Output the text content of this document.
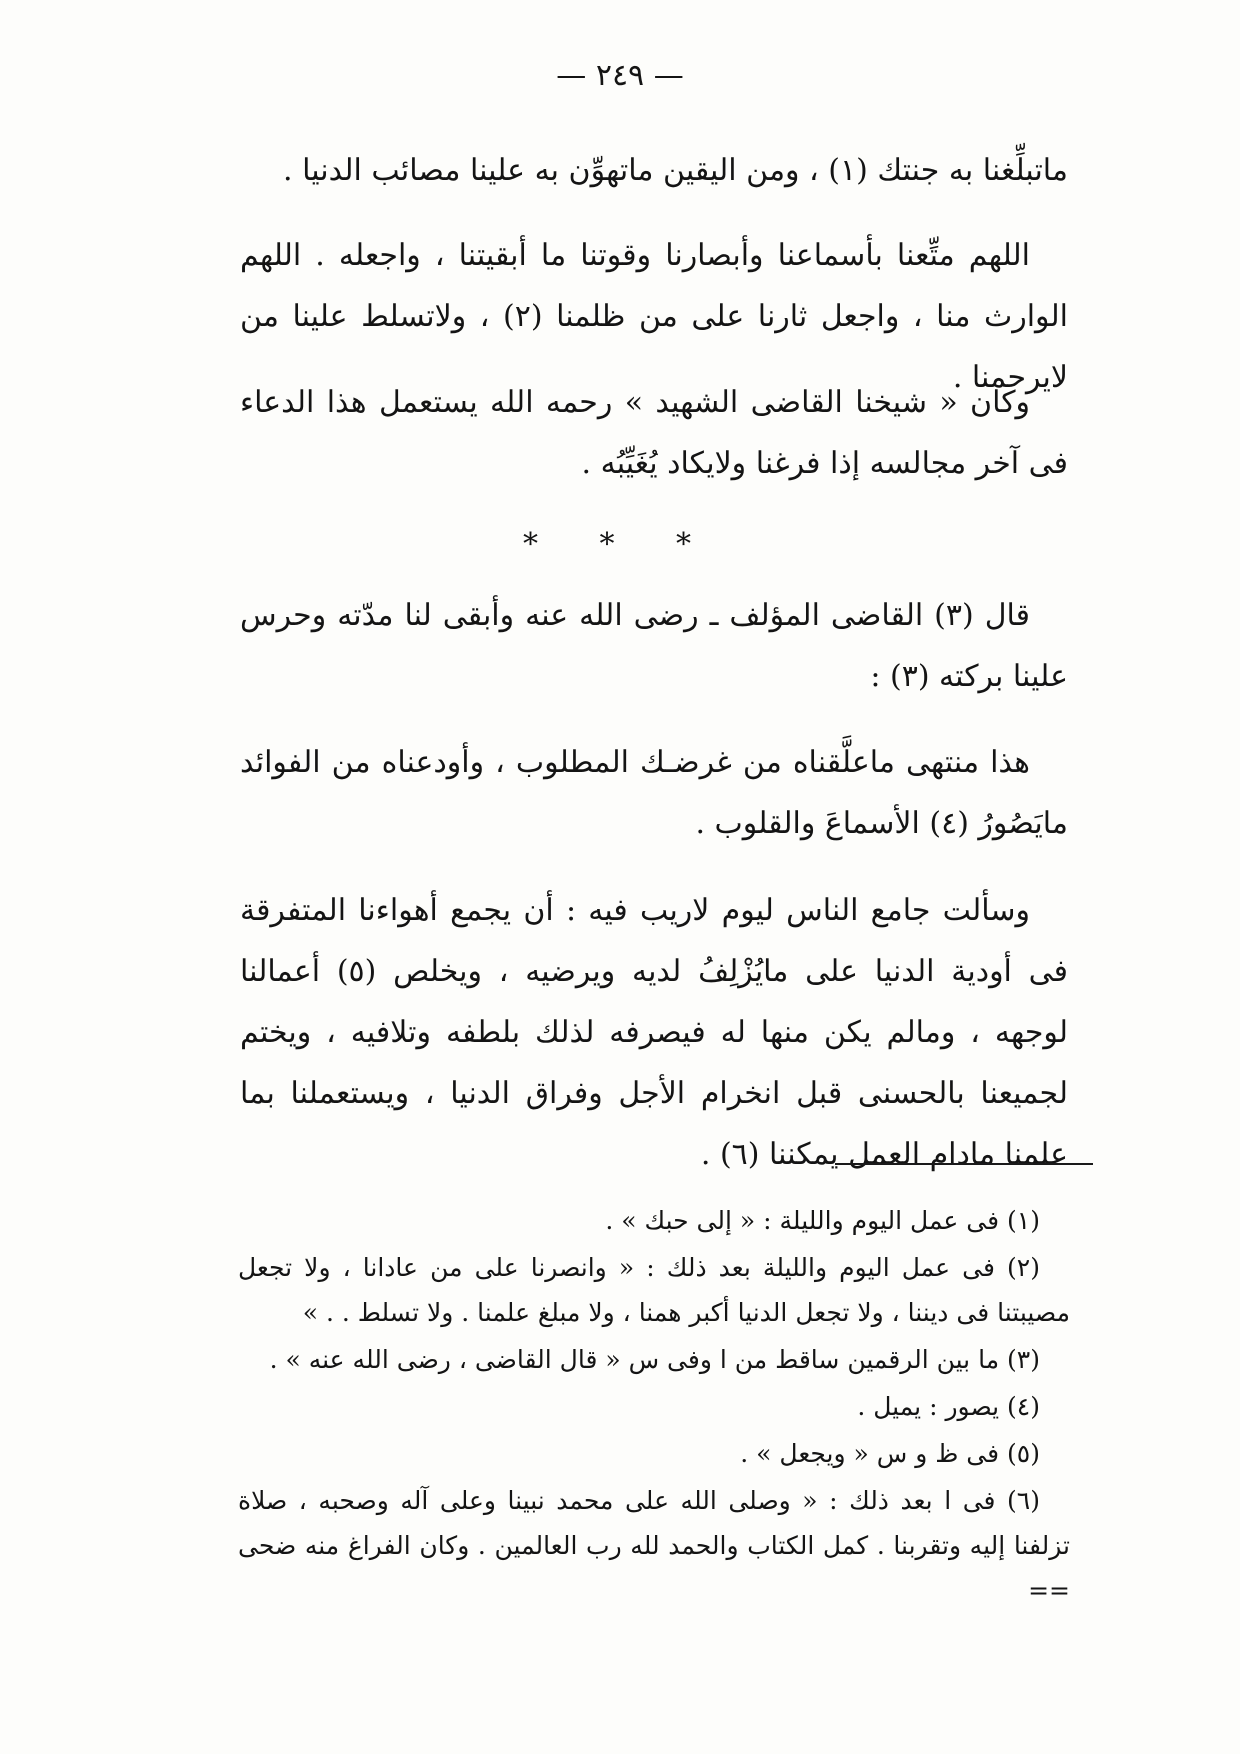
— ٢٤٩ —

ماتبلِّغنا به جنتك (١) ، ومن اليقين ماتهوِّن به علينا مصائب الدنيا .

اللهم متِّعنا بأسماعنا وأبصارنا وقوتنا ما أبقيتنا ، واجعله . اللهم الوارث منا ، واجعل ثارنا على من ظلمنا (٢) ، ولاتسلط علينا من لايرحمنا .

وكان « شيخنا القاضى الشهيد » رحمه الله يستعمل هذا الدعاء فى آخر مجالسه إذا فرغنا ولايكاد يُغَيِّبُه .

* * *

قال (٣) القاضى المؤلف ـ رضى الله عنه وأبقى لنا مدّته وحرس علينا بركته (٣) :

هذا منتهى ماعلَّقناه من غرضـك المطلوب ، وأودعناه من الفوائد مايَصُورُ (٤) الأسماعَ والقلوب .

وسألت جامع الناس ليوم لاريب فيه : أن يجمع أهواءنا المتفرقة فى أودية الدنيا على مايُزْلِفُ لديه ويرضيه ، ويخلص (٥) أعمالنا لوجهه ، ومالم يكن منها له فيصرفه لذلك بلطفه وتلافيه ، ويختم لجميعنا بالحسنى قبل انخرام الأجل وفراق الدنيا ، ويستعملنا بما علمنا مادام العمل يمكننا (٦) .

(١) فى عمل اليوم والليلة : « إلى حبك » .

(٢) فى عمل اليوم والليلة بعد ذلك : « وانصرنا على من عادانا ، ولا تجعل مصيبتنا فى ديننا ، ولا تجعل الدنيا أكبر همنا ، ولا مبلغ علمنا . ولا تسلط . . »

(٣) ما بين الرقمين ساقط من ا وفى س « قال القاضى ، رضى الله عنه » .

(٤) يصور : يميل .

(٥) فى ظ و س « ويجعل » .

(٦) فى ا بعد ذلك : « وصلى الله على محمد نبينا وعلى آله وصحبه ، صلاة تزلفنا إليه وتقربنا . كمل الكتاب والحمد لله رب العالمين . وكان الفراغ منه ضحى ==
